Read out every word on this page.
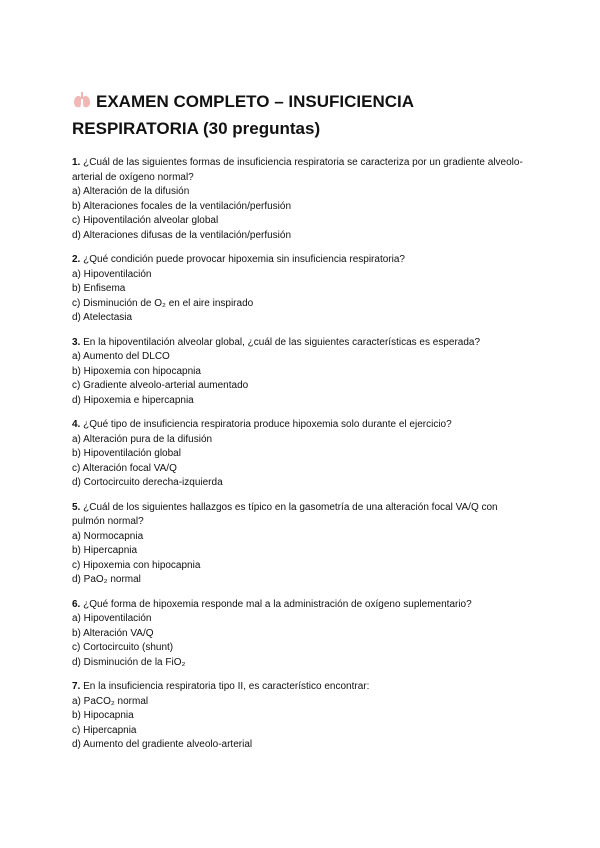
EXAMEN COMPLETO – INSUFICIENCIA RESPIRATORIA (30 preguntas)

1. ¿Cuál de las siguientes formas de insuficiencia respiratoria se caracteriza por un gradiente alveolo-arterial de oxígeno normal?

a) Alteración de la difusión

b) Alteraciones focales de la ventilación/perfusión

c) Hipoventilación alveolar global

d) Alteraciones difusas de la ventilación/perfusión

2. ¿Qué condición puede provocar hipoxemia sin insuficiencia respiratoria?

a) Hipoventilación

b) Enfisema

c) Disminución de O₂ en el aire inspirado

d) Atelectasia

3. En la hipoventilación alveolar global, ¿cuál de las siguientes características es esperada?

a) Aumento del DLCO

b) Hipoxemia con hipocapnia

c) Gradiente alveolo-arterial aumentado

d) Hipoxemia e hipercapnia

4. ¿Qué tipo de insuficiencia respiratoria produce hipoxemia solo durante el ejercicio?

a) Alteración pura de la difusión

b) Hipoventilación global

c) Alteración focal VA/Q

d) Cortocircuito derecha-izquierda

5. ¿Cuál de los siguientes hallazgos es típico en la gasometría de una alteración focal VA/Q con pulmón normal?

a) Normocapnia

b) Hipercapnia

c) Hipoxemia con hipocapnia

d) PaO₂ normal

6. ¿Qué forma de hipoxemia responde mal a la administración de oxígeno suplementario?

a) Hipoventilación

b) Alteración VA/Q

c) Cortocircuito (shunt)

d) Disminución de la FiO₂

7. En la insuficiencia respiratoria tipo II, es característico encontrar:

a) PaCO₂ normal

b) Hipocapnia

c) Hipercapnia

d) Aumento del gradiente alveolo-arterial
